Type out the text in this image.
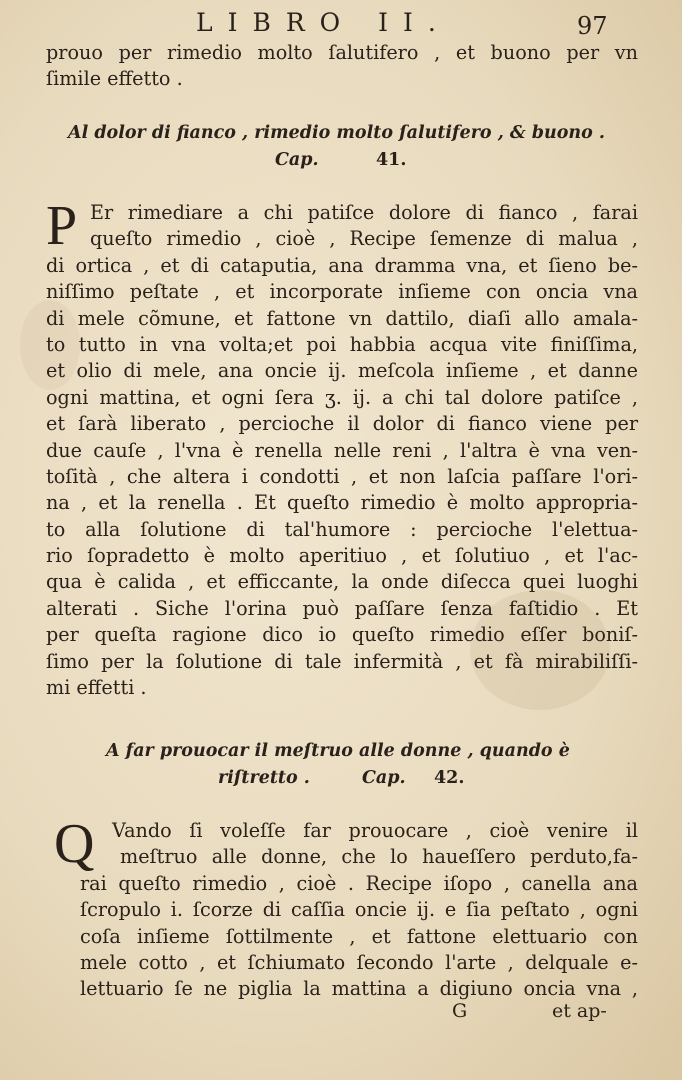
LIBRO II.	97
prouo per rimedio molto ſalutifero , et buono per vn
ſimile effetto .
Al dolor di fianco , rimedio molto ſalutifero , & buono .
Cap.	41.
P Er rimediare a chi patiſce dolore di fianco , farai
queſto rimedio , cioè , Recipe ſemenze di malua ,
di ortica , et di cataputia, ana dramma vna, et ſieno be-
niſſimo peſtate , et incorporate inſieme con oncia vna
di mele cõmune, et fattone vn dattilo, diaſi allo amala-
to tutto in vna volta;et poi habbia acqua vite finiſſima,
et olio di mele, ana oncie ij. meſcola inſieme , et danne
ogni mattina, et ogni ſera ʒ. ij. a chi tal dolore patiſce ,
et ſarà liberato , percioche il dolor di fianco viene per
due cauſe , l'vna è renella nelle reni , l'altra è vna ven-
toſità , che altera i condotti , et non laſcia paſſare l'ori-
na , et la renella . Et queſto rimedio è molto appropria-
to alla ſolutione di tal'humore : percioche l'elettua-
rio ſopradetto è molto aperitiuo , et ſolutiuo , et l'ac-
qua è calida , et efficcante, la onde diſecca quei luoghi
alterati . Siche l'orina può paſſare ſenza faſtidio . Et
per queſta ragione dico io queſto rimedio eſſer boniſ-
ſimo per la ſolutione di tale infermità , et fà mirabiliſſi-
mi effetti .
A far prouocar il meſtruo alle donne , quando è
riſtretto .	Cap. 42.
Q Vando ſi voleſſe far prouocare , cioè venire il
meſtruo alle donne, che lo haueſſero perduto,fa-
rai queſto rimedio , cioè . Recipe iſopo , canella ana
ſcropulo i. ſcorze di caſſia oncie ij. e ſia peſtato , ogni
coſa inſieme ſottilmente , et fattone elettuario con
mele cotto , et ſchiumato ſecondo l'arte , delquale e-
lettuario ſe ne piglia la mattina a digiuno oncia vna ,
G	et ap-
